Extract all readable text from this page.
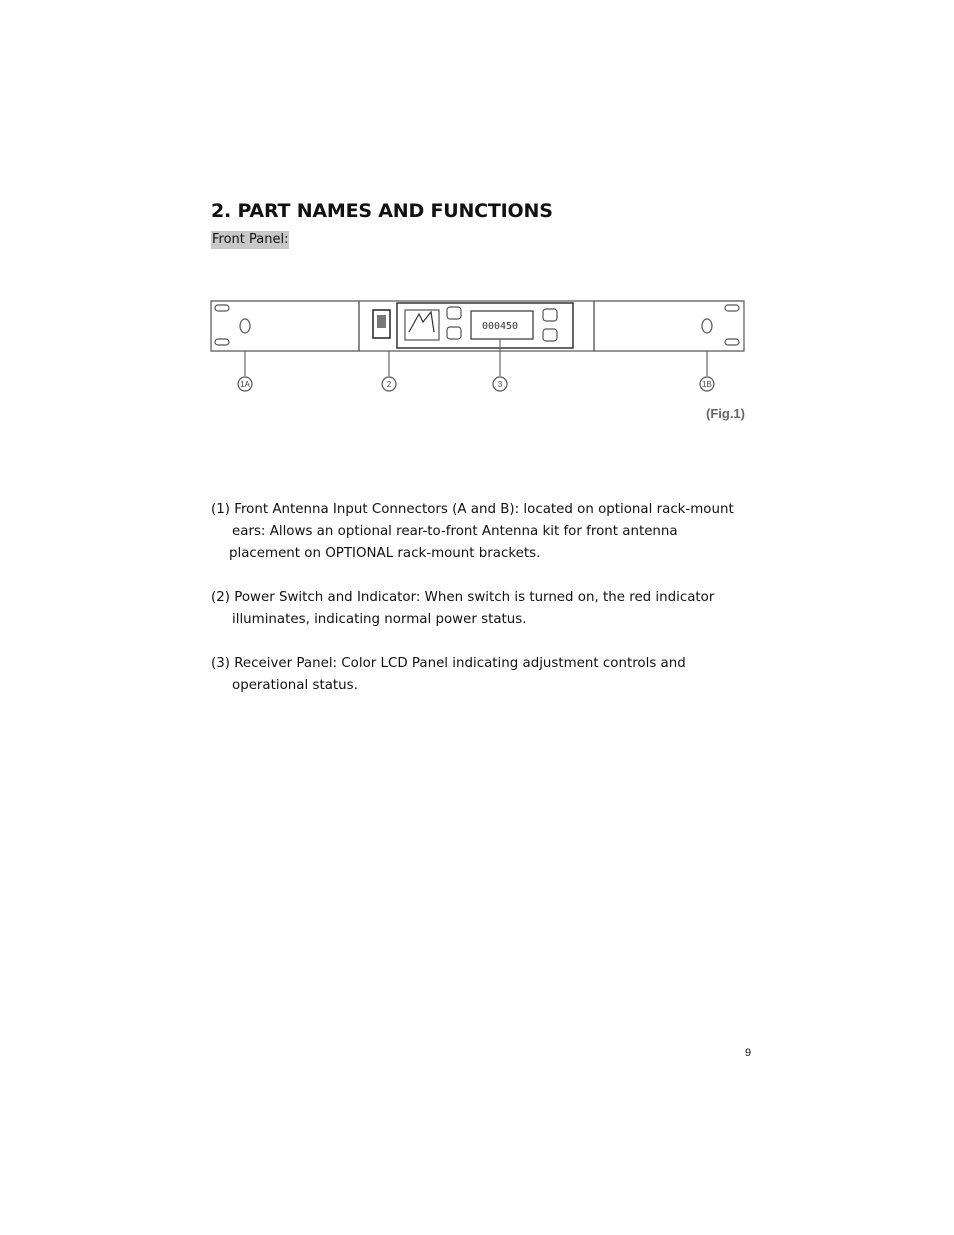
2. PART NAMES AND FUNCTIONS
Front Panel:
000450
1A	2	3	1B
(Fig.1)
(1) Front Antenna Input Connectors (A and B): located on optional rack-mount
ears: Allows an optional rear-to-front Antenna kit for front antenna
placement on OPTIONAL rack-mount brackets.
(2) Power Switch and Indicator: When switch is turned on, the red indicator
illuminates, indicating normal power status.
(3) Receiver Panel: Color LCD Panel indicating adjustment controls and
operational status.
9
